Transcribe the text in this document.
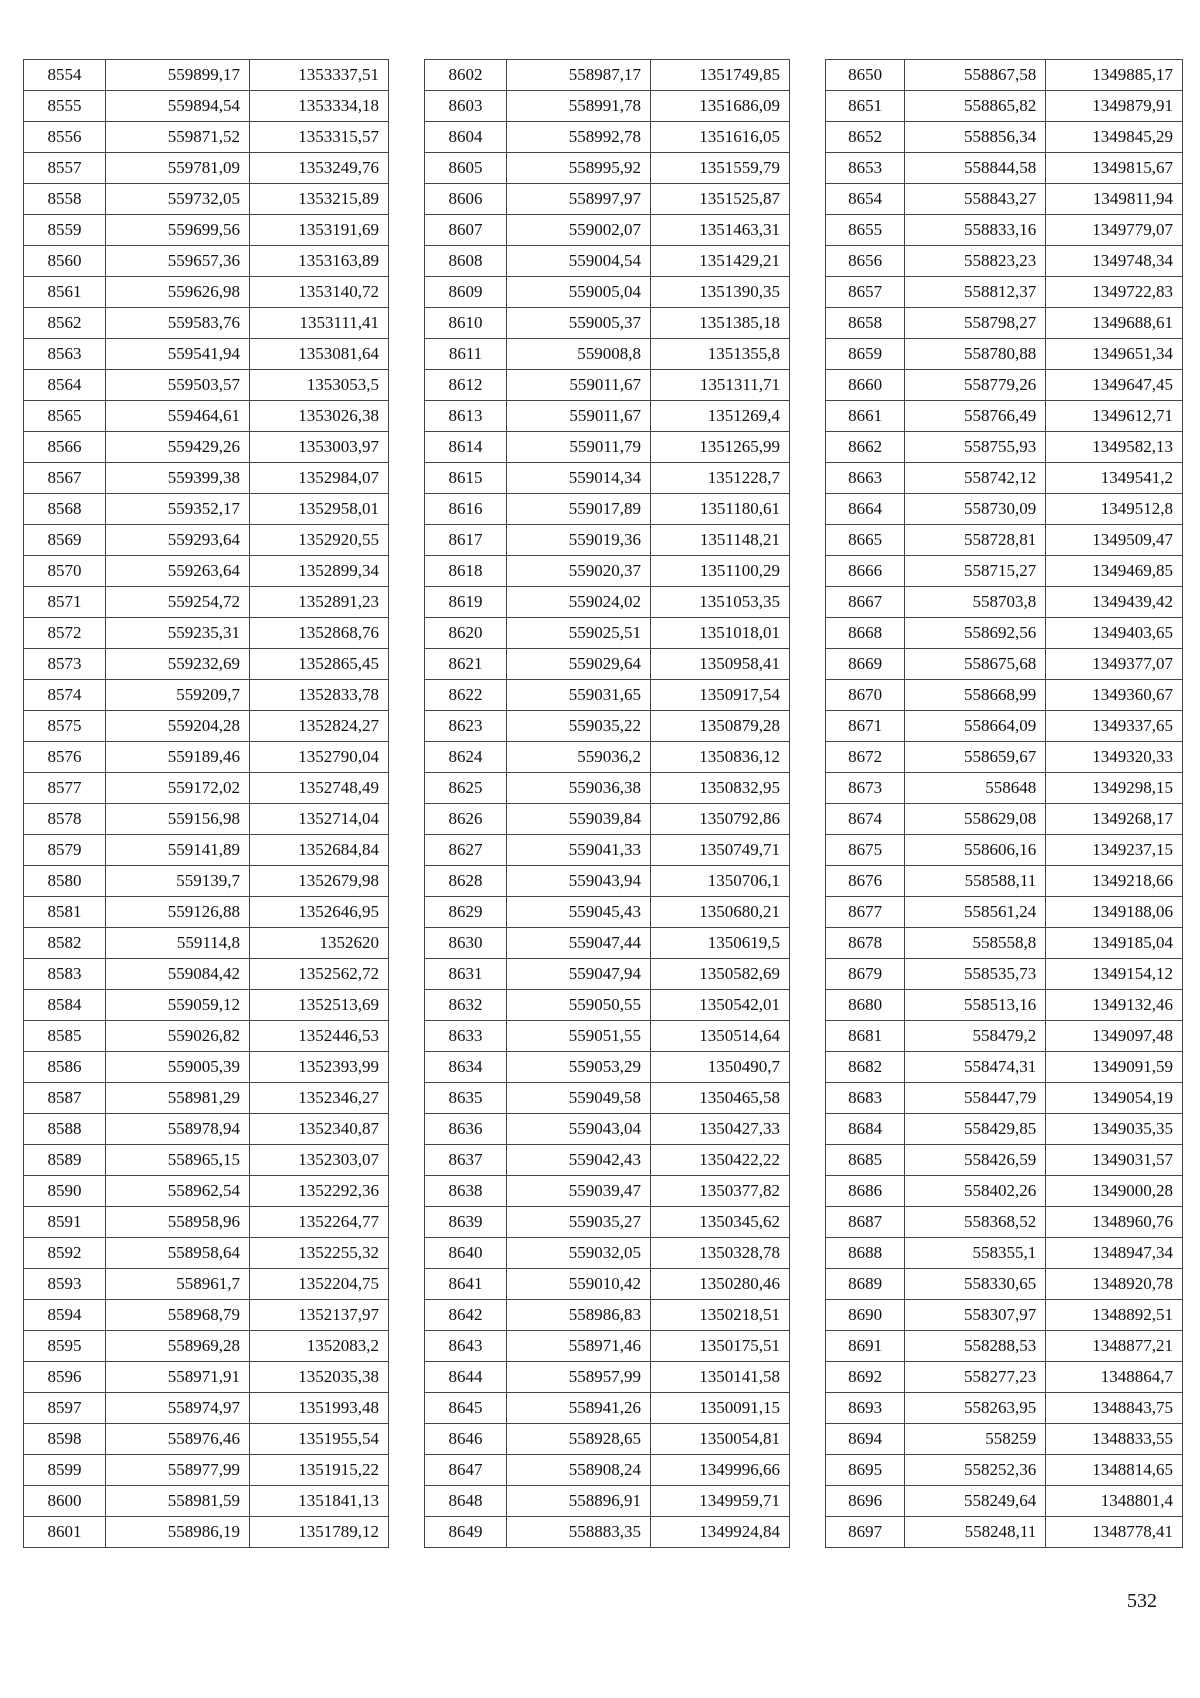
8554	559899,17	1353337,51
8555	559894,54	1353334,18
8556	559871,52	1353315,57
8557	559781,09	1353249,76
8558	559732,05	1353215,89
8559	559699,56	1353191,69
8560	559657,36	1353163,89
8561	559626,98	1353140,72
8562	559583,76	1353111,41
8563	559541,94	1353081,64
8564	559503,57	1353053,5
8565	559464,61	1353026,38
8566	559429,26	1353003,97
8567	559399,38	1352984,07
8568	559352,17	1352958,01
8569	559293,64	1352920,55
8570	559263,64	1352899,34
8571	559254,72	1352891,23
8572	559235,31	1352868,76
8573	559232,69	1352865,45
8574	559209,7	1352833,78
8575	559204,28	1352824,27
8576	559189,46	1352790,04
8577	559172,02	1352748,49
8578	559156,98	1352714,04
8579	559141,89	1352684,84
8580	559139,7	1352679,98
8581	559126,88	1352646,95
8582	559114,8	1352620
8583	559084,42	1352562,72
8584	559059,12	1352513,69
8585	559026,82	1352446,53
8586	559005,39	1352393,99
8587	558981,29	1352346,27
8588	558978,94	1352340,87
8589	558965,15	1352303,07
8590	558962,54	1352292,36
8591	558958,96	1352264,77
8592	558958,64	1352255,32
8593	558961,7	1352204,75
8594	558968,79	1352137,97
8595	558969,28	1352083,2
8596	558971,91	1352035,38
8597	558974,97	1351993,48
8598	558976,46	1351955,54
8599	558977,99	1351915,22
8600	558981,59	1351841,13
8601	558986,19	1351789,12
8602	558987,17	1351749,85
8603	558991,78	1351686,09
8604	558992,78	1351616,05
8605	558995,92	1351559,79
8606	558997,97	1351525,87
8607	559002,07	1351463,31
8608	559004,54	1351429,21
8609	559005,04	1351390,35
8610	559005,37	1351385,18
8611	559008,8	1351355,8
8612	559011,67	1351311,71
8613	559011,67	1351269,4
8614	559011,79	1351265,99
8615	559014,34	1351228,7
8616	559017,89	1351180,61
8617	559019,36	1351148,21
8618	559020,37	1351100,29
8619	559024,02	1351053,35
8620	559025,51	1351018,01
8621	559029,64	1350958,41
8622	559031,65	1350917,54
8623	559035,22	1350879,28
8624	559036,2	1350836,12
8625	559036,38	1350832,95
8626	559039,84	1350792,86
8627	559041,33	1350749,71
8628	559043,94	1350706,1
8629	559045,43	1350680,21
8630	559047,44	1350619,5
8631	559047,94	1350582,69
8632	559050,55	1350542,01
8633	559051,55	1350514,64
8634	559053,29	1350490,7
8635	559049,58	1350465,58
8636	559043,04	1350427,33
8637	559042,43	1350422,22
8638	559039,47	1350377,82
8639	559035,27	1350345,62
8640	559032,05	1350328,78
8641	559010,42	1350280,46
8642	558986,83	1350218,51
8643	558971,46	1350175,51
8644	558957,99	1350141,58
8645	558941,26	1350091,15
8646	558928,65	1350054,81
8647	558908,24	1349996,66
8648	558896,91	1349959,71
8649	558883,35	1349924,84
8650	558867,58	1349885,17
8651	558865,82	1349879,91
8652	558856,34	1349845,29
8653	558844,58	1349815,67
8654	558843,27	1349811,94
8655	558833,16	1349779,07
8656	558823,23	1349748,34
8657	558812,37	1349722,83
8658	558798,27	1349688,61
8659	558780,88	1349651,34
8660	558779,26	1349647,45
8661	558766,49	1349612,71
8662	558755,93	1349582,13
8663	558742,12	1349541,2
8664	558730,09	1349512,8
8665	558728,81	1349509,47
8666	558715,27	1349469,85
8667	558703,8	1349439,42
8668	558692,56	1349403,65
8669	558675,68	1349377,07
8670	558668,99	1349360,67
8671	558664,09	1349337,65
8672	558659,67	1349320,33
8673	558648	1349298,15
8674	558629,08	1349268,17
8675	558606,16	1349237,15
8676	558588,11	1349218,66
8677	558561,24	1349188,06
8678	558558,8	1349185,04
8679	558535,73	1349154,12
8680	558513,16	1349132,46
8681	558479,2	1349097,48
8682	558474,31	1349091,59
8683	558447,79	1349054,19
8684	558429,85	1349035,35
8685	558426,59	1349031,57
8686	558402,26	1349000,28
8687	558368,52	1348960,76
8688	558355,1	1348947,34
8689	558330,65	1348920,78
8690	558307,97	1348892,51
8691	558288,53	1348877,21
8692	558277,23	1348864,7
8693	558263,95	1348843,75
8694	558259	1348833,55
8695	558252,36	1348814,65
8696	558249,64	1348801,4
8697	558248,11	1348778,41
532
